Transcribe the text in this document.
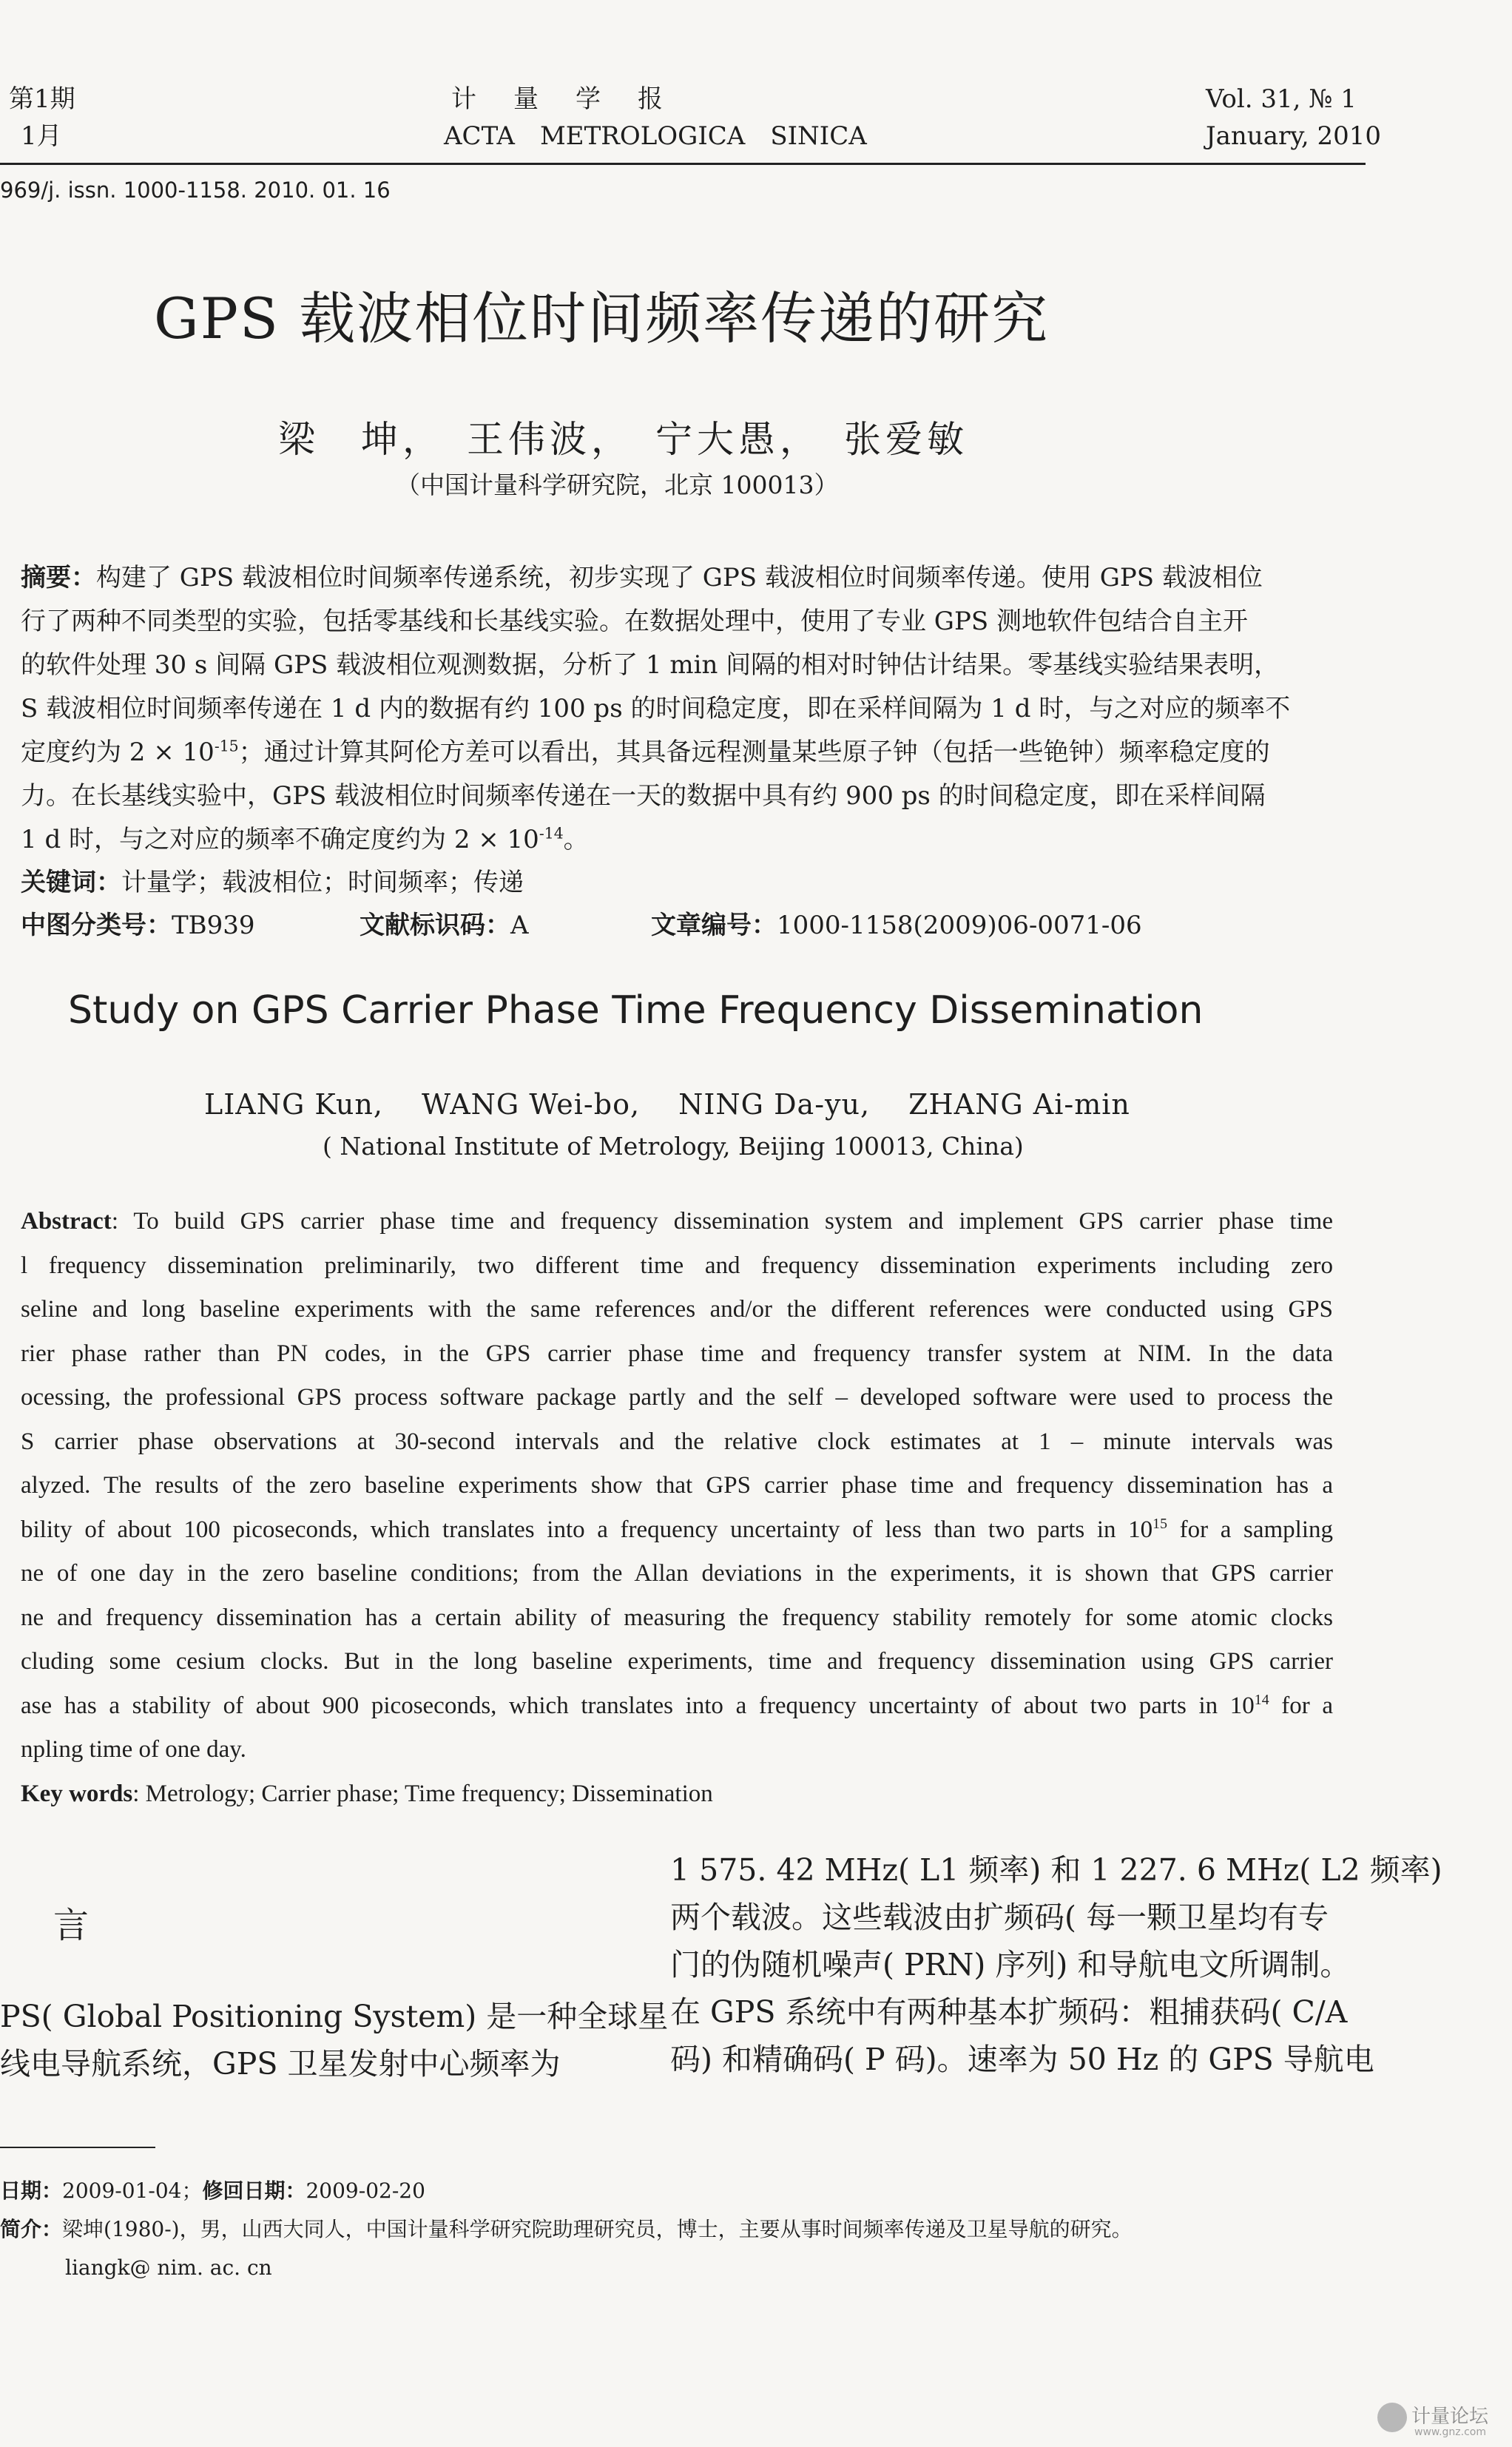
第1期
1月
计　量　学　报
ACTA　METROLOGICA　SINICA
Vol. 31, № 1
January, 2010
969/j. issn. 1000-1158. 2010. 01. 16
GPS 载波相位时间频率传递的研究
梁　坤，　王伟波，　宁大愚，　张爱敏
（中国计量科学研究院，北京 100013）
摘要：构建了 GPS 载波相位时间频率传递系统，初步实现了 GPS 载波相位时间频率传递。使用 GPS 载波相位
行了两种不同类型的实验，包括零基线和长基线实验。在数据处理中，使用了专业 GPS 测地软件包结合自主开
的软件处理 30 s 间隔 GPS 载波相位观测数据，分析了 1 min 间隔的相对时钟估计结果。零基线实验结果表明，
S 载波相位时间频率传递在 1 d 内的数据有约 100 ps 的时间稳定度，即在采样间隔为 1 d 时，与之对应的频率不
定度约为 $2 \times 10^{-15}$；通过计算其阿伦方差可以看出，其具备远程测量某些原子钟（包括一些铯钟）频率稳定度的
力。在长基线实验中，GPS 载波相位时间频率传递在一天的数据中具有约 900 ps 的时间稳定度，即在采样间隔
1 d 时，与之对应的频率不确定度约为 $2 \times 10^{-14}$。
关键词：计量学；载波相位；时间频率；传递
中图分类号：TB939	文献标识码：A	文章编号：1000-1158(2009)06-0071-06
Study on GPS Carrier Phase Time Frequency Dissemination
LIANG Kun,　 WANG Wei-bo,　 NING Da-yu,　 ZHANG Ai-min
( National Institute of Metrology, Beijing 100013, China)
Abstract: To build GPS carrier phase time and frequency dissemination system and implement GPS carrier phase time
l frequency dissemination preliminarily, two different time and frequency dissemination experiments including zero
seline and long baseline experiments with the same references and/or the different references were conducted using GPS
rier phase rather than PN codes, in the GPS carrier phase time and frequency transfer system at NIM. In the data
ocessing, the professional GPS process software package partly and the self – developed software were used to process the
S carrier phase observations at 30-second intervals and the relative clock estimates at 1 – minute intervals was
alyzed. The results of the zero baseline experiments show that GPS carrier phase time and frequency dissemination has a
bility of about 100 picoseconds, which translates into a frequency uncertainty of less than two parts in $10^{15}$ for a sampling
ne of one day in the zero baseline conditions; from the Allan deviations in the experiments, it is shown that GPS carrier
ne and frequency dissemination has a certain ability of measuring the frequency stability remotely for some atomic clocks
cluding some cesium clocks. But in the long baseline experiments, time and frequency dissemination using GPS carrier
ase has a stability of about 900 picoseconds, which translates into a frequency uncertainty of about two parts in $10^{14}$ for a
npling time of one day.
Key words: Metrology; Carrier phase; Time frequency; Dissemination
言
PS( Global Positioning System) 是一种全球星
线电导航系统，GPS 卫星发射中心频率为
1 575. 42 MHz( L1 频率) 和 1 227. 6 MHz( L2 频率)
两个载波。这些载波由扩频码( 每一颗卫星均有专
门的伪随机噪声( PRN) 序列) 和导航电文所调制。
在 GPS 系统中有两种基本扩频码：粗捕获码( C/A
码) 和精确码( P 码)。速率为 50 Hz 的 GPS 导航电
日期：2009-01-04；修回日期：2009-02-20
简介：梁坤(1980-)，男，山西大同人，中国计量科学研究院助理研究员，博士，主要从事时间频率传递及卫星导航的研究。
liangk@ nim. ac. cn
计量论坛
www.gnz.com
